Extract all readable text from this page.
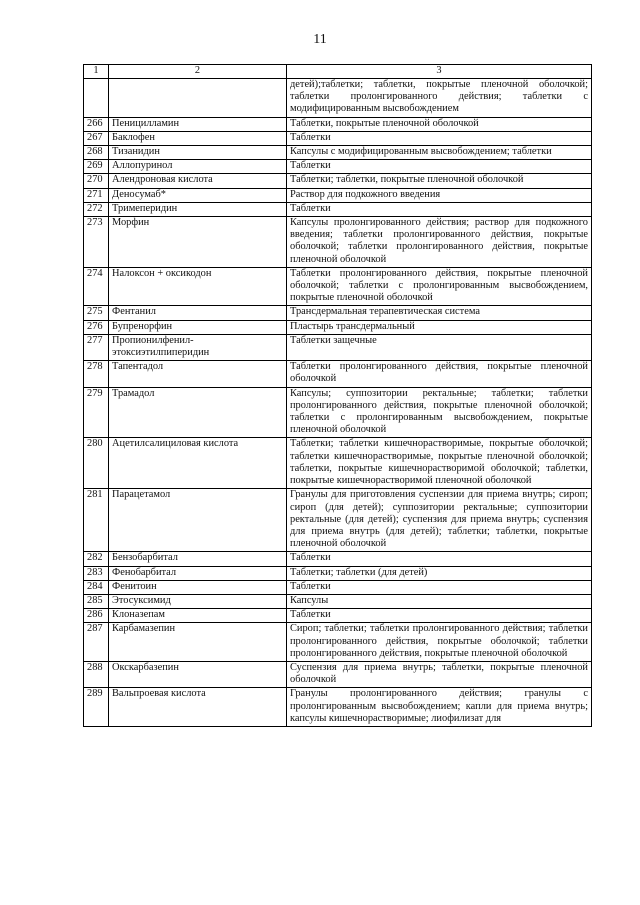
11
1	2	3
		детей);таблетки; таблетки, покрытые пленочной оболочкой; таблетки пролонгированного действия; таблетки с модифицированным высвобождением
266	Пеницилламин	Таблетки, покрытые пленочной оболочкой
267	Баклофен	Таблетки
268	Тизанидин	Капсулы с модифицированным высвобождением; таблетки
269	Аллопуринол	Таблетки
270	Алендроновая кислота	Таблетки; таблетки, покрытые пленочной оболочкой
271	Деносумаб*	Раствор для подкожного введения
272	Тримеперидин	Таблетки
273	Морфин	Капсулы пролонгированного действия; раствор для подкожного введения; таблетки пролонгированного действия, покрытые оболочкой; таблетки пролонгированного действия, покрытые пленочной оболочкой
274	Налоксон + оксикодон	Таблетки пролонгированного действия, покрытые пленочной оболочкой; таблетки с пролонгированным высвобождением, покрытые пленочной оболочкой
275	Фентанил	Трансдермальная терапевтическая система
276	Бупренорфин	Пластырь трансдермальный
277	Пропионилфенил-этоксиэтилпиперидин	Таблетки защечные
278	Тапентадол	Таблетки пролонгированного действия, покрытые пленочной оболочкой
279	Трамадол	Капсулы; суппозитории ректальные; таблетки; таблетки пролонгированного действия, покрытые пленочной оболочкой; таблетки с пролонгированным высвобождением, покрытые пленочной оболочкой
280	Ацетилсалициловая кислота	Таблетки; таблетки кишечнорастворимые, покрытые оболочкой; таблетки кишечнорастворимые, покрытые пленочной оболочкой; таблетки, покрытые кишечнорастворимой оболочкой; таблетки, покрытые кишечнорастворимой пленочной оболочкой
281	Парацетамол	Гранулы для приготовления суспензии для приема внутрь; сироп; сироп (для детей); суппозитории ректальные; суппозитории ректальные (для детей); суспензия для приема внутрь; суспензия для приема внутрь (для детей); таблетки; таблетки, покрытые пленочной оболочкой
282	Бензобарбитал	Таблетки
283	Фенобарбитал	Таблетки; таблетки (для детей)
284	Фенитоин	Таблетки
285	Этосуксимид	Капсулы
286	Клоназепам	Таблетки
287	Карбамазепин	Сироп; таблетки; таблетки пролонгированного действия; таблетки пролонгированного действия, покрытые оболочкой; таблетки пролонгированного действия, покрытые пленочной оболочкой
288	Окскарбазепин	Суспензия для приема внутрь; таблетки, покрытые пленочной оболочкой
289	Вальпроевая кислота	Гранулы пролонгированного действия; гранулы с пролонгированным высвобождением; капли для приема внутрь; капсулы кишечнорастворимые; лиофилизат для
